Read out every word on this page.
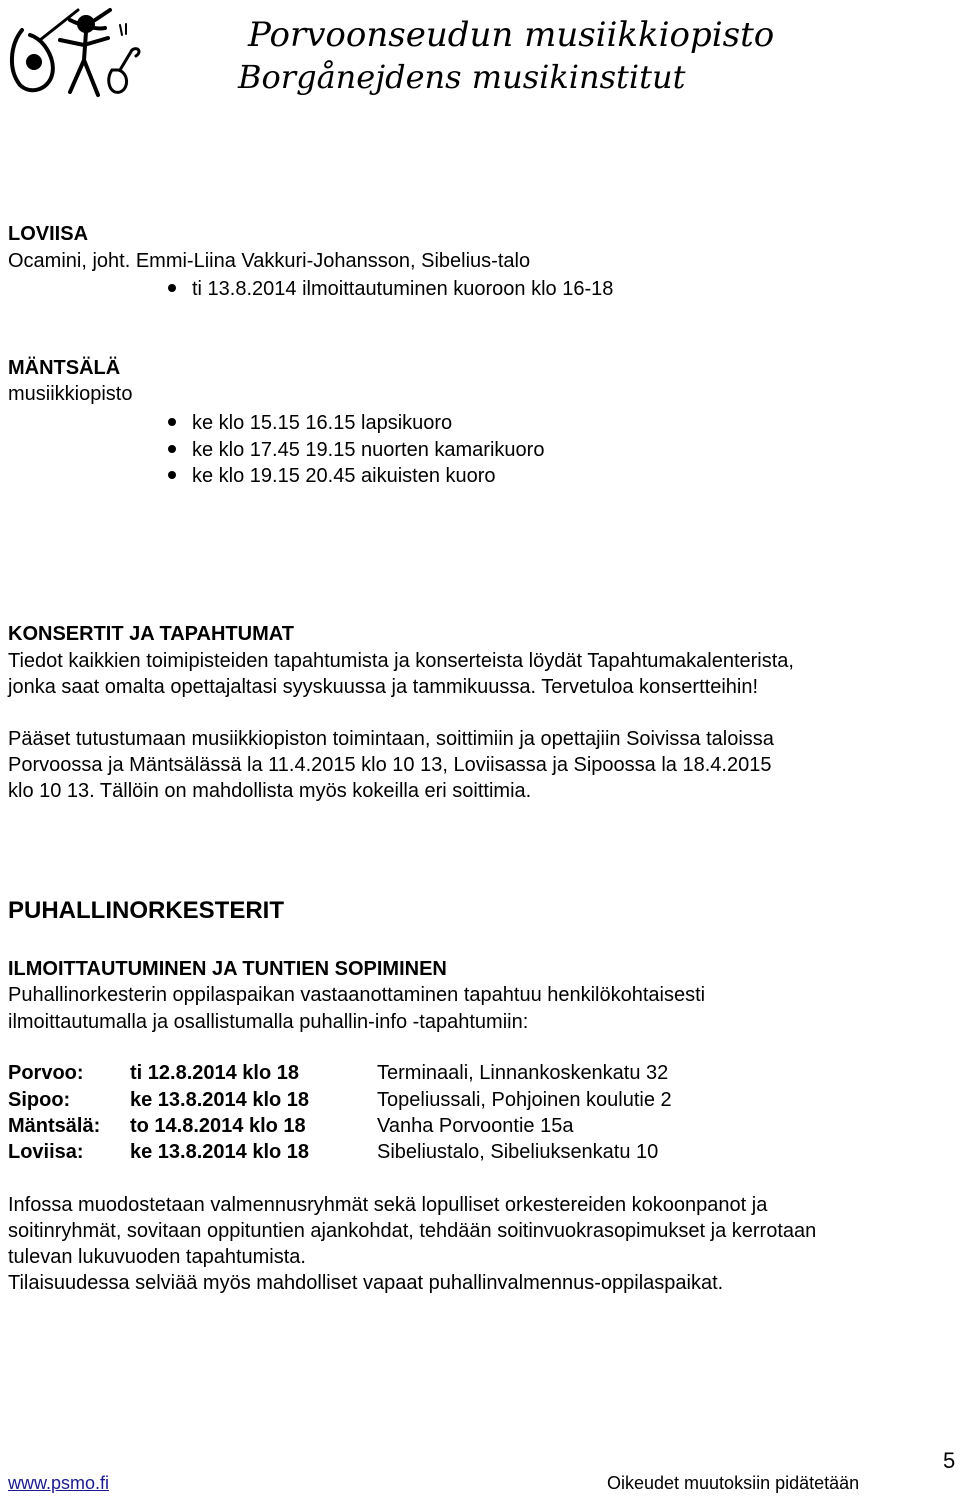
Porvoonseudun musiikkiopisto
Borgånejdens musikinstitut
LOVIISA
Ocamini, joht. Emmi-Liina Vakkuri-Johansson, Sibelius-talo
ti 13.8.2014 ilmoittautuminen kuoroon klo 16-18
MÄNTSÄLÄ
musiikkiopisto
ke klo 15.15 16.15 lapsikuoro
ke klo 17.45 19.15 nuorten kamarikuoro
ke klo 19.15 20.45 aikuisten kuoro
KONSERTIT JA TAPAHTUMAT
Tiedot kaikkien toimipisteiden tapahtumista ja konserteista löydät Tapahtumakalenterista,
jonka saat omalta opettajaltasi syyskuussa ja tammikuussa. Tervetuloa konsertteihin!
Pääset tutustumaan musiikkiopiston toimintaan, soittimiin ja opettajiin Soivissa taloissa
Porvoossa ja Mäntsälässä la 11.4.2015 klo 10 13, Loviisassa ja Sipoossa la 18.4.2015
klo 10 13. Tällöin on mahdollista myös kokeilla eri soittimia.
PUHALLINORKESTERIT
ILMOITTAUTUMINEN JA TUNTIEN SOPIMINEN
Puhallinorkesterin oppilaspaikan vastaanottaminen tapahtuu henkilökohtaisesti
ilmoittautumalla ja osallistumalla puhallin-info -tapahtumiin:
Porvoo: ti 12.8.2014 klo 18	Terminaali, Linnankoskenkatu 32
Sipoo:	ke 13.8.2014 klo 18	Topeliussali, Pohjoinen koulutie 2
Mäntsälä: to 14.8.2014 klo 18	Vanha Porvoontie 15a
Loviisa: ke 13.8.2014 klo 18	Sibeliustalo, Sibeliuksenkatu 10
Infossa muodostetaan valmennusryhmät sekä lopulliset orkestereiden kokoonpanot ja
soitinryhmät, sovitaan oppituntien ajankohdat, tehdään soitinvuokrasopimukset ja kerrotaan
tulevan lukuvuoden tapahtumista.
Tilaisuudessa selviää myös mahdolliset vapaat puhallinvalmennus-oppilaspaikat.
5
www.psmo.fi	Oikeudet muutoksiin pidätetään
